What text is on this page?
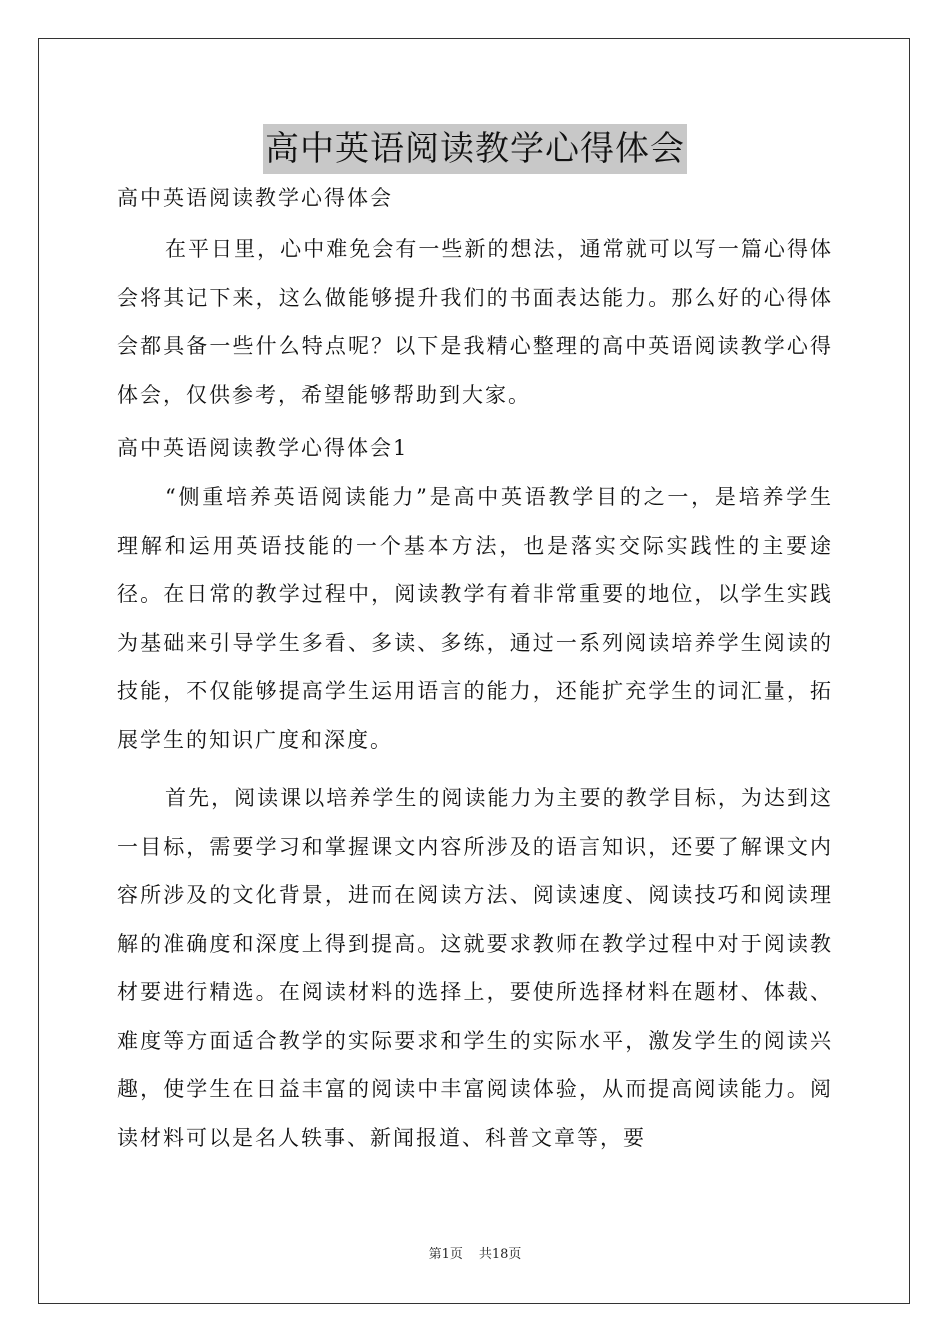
高中英语阅读教学心得体会
高中英语阅读教学心得体会
在平日里，心中难免会有一些新的想法，通常就可以写一篇心得体会将其记下来，这么做能够提升我们的书面表达能力。那么好的心得体会都具备一些什么特点呢？以下是我精心整理的高中英语阅读教学心得体会，仅供参考，希望能够帮助到大家。
高中英语阅读教学心得体会1
“侧重培养英语阅读能力”是高中英语教学目的之一，是培养学生理解和运用英语技能的一个基本方法，也是落实交际实践性的主要途径。在日常的教学过程中，阅读教学有着非常重要的地位，以学生实践为基础来引导学生多看、多读、多练，通过一系列阅读培养学生阅读的技能，不仅能够提高学生运用语言的能力，还能扩充学生的词汇量，拓展学生的知识广度和深度。
首先，阅读课以培养学生的阅读能力为主要的教学目标，为达到这一目标，需要学习和掌握课文内容所涉及的语言知识，还要了解课文内容所涉及的文化背景，进而在阅读方法、阅读速度、阅读技巧和阅读理解的准确度和深度上得到提高。这就要求教师在教学过程中对于阅读教材要进行精选。在阅读材料的选择上，要使所选择材料在题材、体裁、难度等方面适合教学的实际要求和学生的实际水平，激发学生的阅读兴趣，使学生在日益丰富的阅读中丰富阅读体验，从而提高阅读能力。阅读材料可以是名人轶事、新闻报道、科普文章等，要
第1页 共18页
